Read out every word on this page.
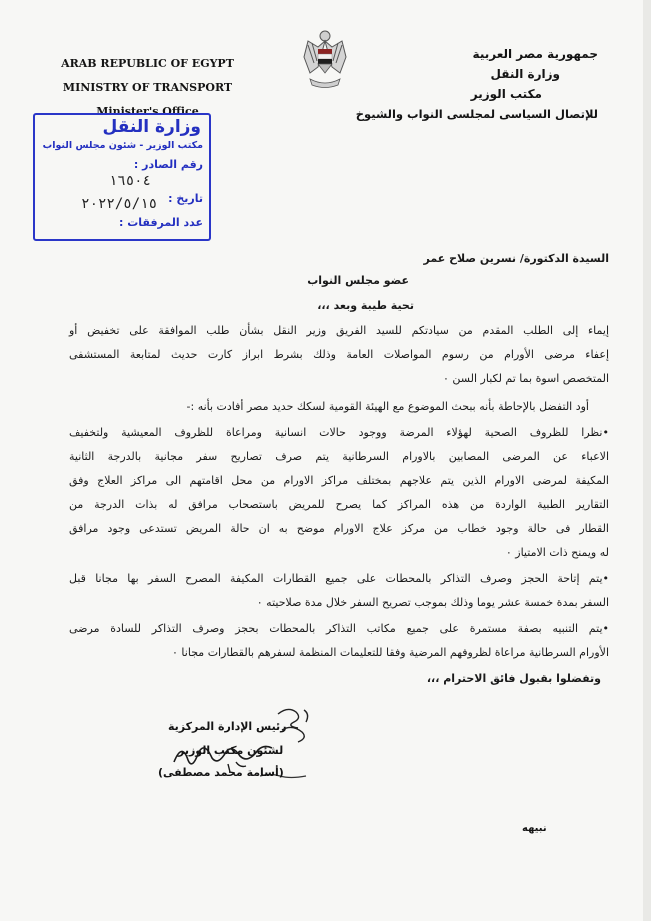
ARAB REPUBLIC OF EGYPT
MINISTRY OF TRANSPORT
Minister's Office
جمهورية مصر العربية
وزارة النقل
مكتب الوزير
للإتصال السياسى لمجلسى النواب والشيوخ
وزارة النقل
مكتب الوزير - شئون مجلس النواب
رقم الصادر :
١٦٥٠٤
تاريخ :
٢٠٢٢/٥/١٥
عدد المرفقات :
السيدة الدكتورة/ نسرين صلاح عمر
عضو مجلس النواب
تحية طيبة وبعد ،،،
إيماء إلى الطلب المقدم من سيادتكم للسيد الفريق وزير النقل بشأن طلب الموافقة على تخفيض أو
إعفاء مرضى الأورام من رسوم المواصلات العامة وذلك بشرط ابراز كارت حديث لمتابعة المستشفى
المتخصص اسوة بما تم لكبار السن ٠
أود التفضل بالإحاطة بأنه ببحث الموضوع مع الهيئة القومية لسكك حديد مصر أفادت بأنه :-
•نظرا للظروف الصحية لهؤلاء المرضة ووجود حالات انسانية ومراعاة للظروف المعيشية ولتخفيف
الاعباء عن المرضى المصابين بالاورام السرطانية يتم صرف تصاريح سفر مجانية بالدرجة الثانية
المكيفة لمرضى الاورام الذين يتم علاجهم بمختلف مراكز الاورام من محل اقامتهم الى مراكز العلاج وفق
التقارير الطبية الواردة من هذه المراكز كما يصرح للمريض باستصحاب مرافق له بذات الدرجة من
القطار فى حالة وجود خطاب من مركز علاج الاورام موضح به ان حالة المريض تستدعى وجود مرافق
له ويمنح ذات الامتياز ٠
•يتم إتاحة الحجز وصرف التذاكر بالمحطات على جميع القطارات المكيفة المصرح السفر بها مجانا قبل
السفر بمدة خمسة عشر يوما وذلك بموجب تصريح السفر خلال مدة صلاحيته ٠
•يتم التنبيه بصفة مستمرة على جميع مكاتب التذاكر بالمحطات بحجز وصرف التذاكر للسادة مرضى
الأورام السرطانية مراعاة لظروفهم المرضية وفقا للتعليمات المنظمة لسفرهم بالقطارات مجانا ٠
وتفضلوا بقبول فائق الاحترام ،،،
رئيس الإدارة المركزية
لشئون مكتب الوزير
(أسامة محمد مصطفى)
نبيهه
